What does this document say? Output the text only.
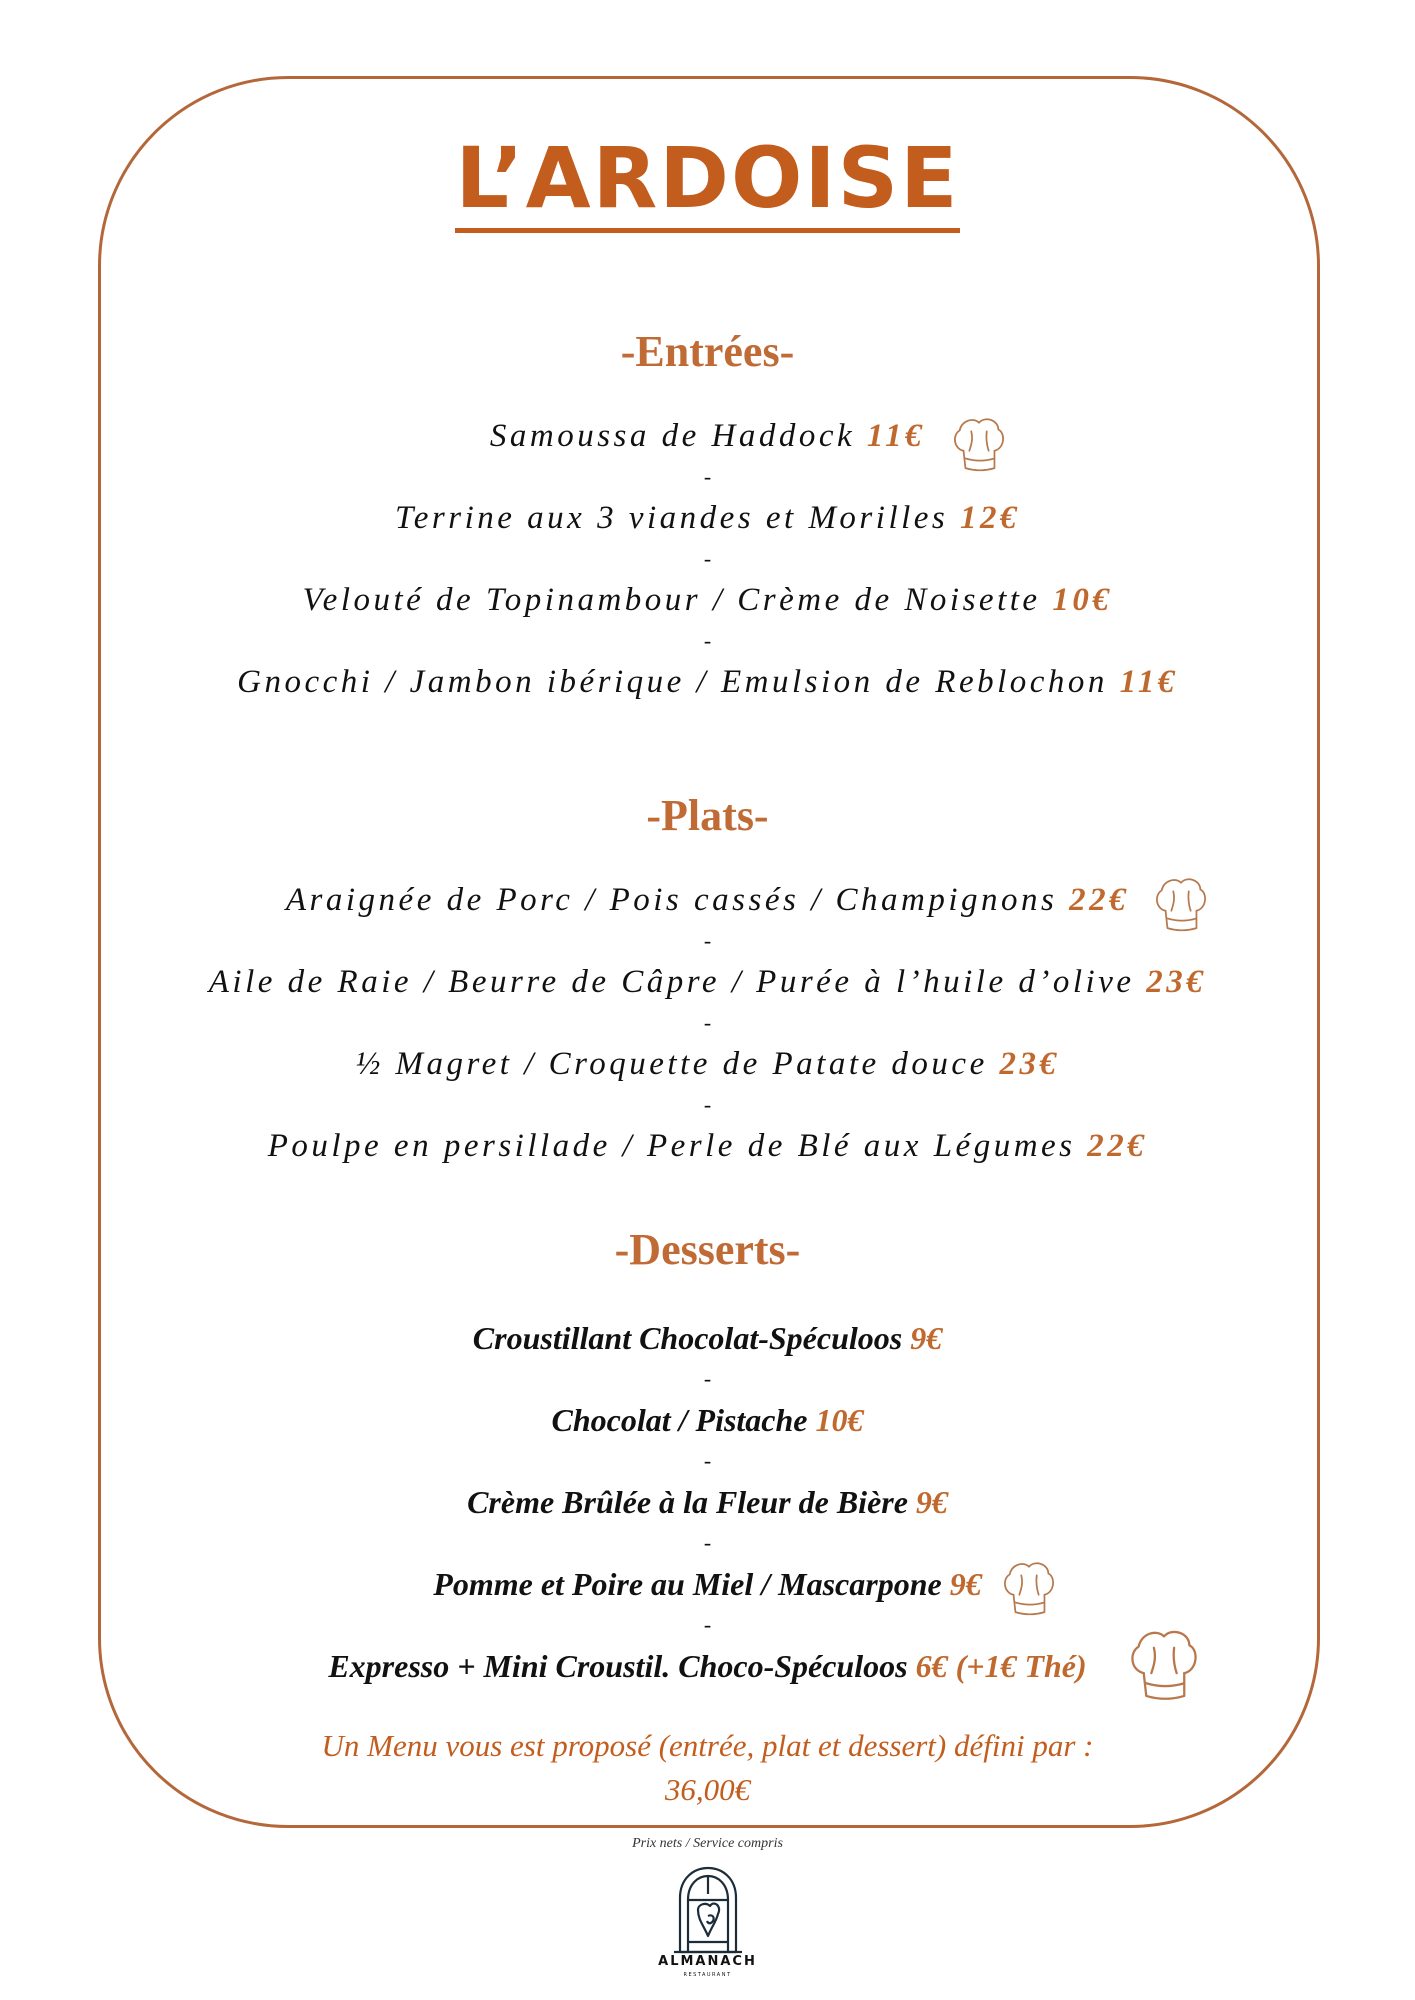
L’ARDOISE
-Entrées-
Samoussa de Haddock 11€
-
Terrine aux 3 viandes et Morilles 12€
-
Velouté de Topinambour / Crème de Noisette 10€
-
Gnocchi / Jambon ibérique / Emulsion de Reblochon 11€
-Plats-
Araignée de Porc / Pois cassés / Champignons 22€
-
Aile de Raie / Beurre de Câpre / Purée à l’huile d’olive 23€
-
½ Magret / Croquette de Patate douce 23€
-
Poulpe en persillade / Perle de Blé aux Légumes 22€
-Desserts-
Croustillant Chocolat-Spéculoos 9€
-
Chocolat / Pistache 10€
-
Crème Brûlée à la Fleur de Bière 9€
-
Pomme et Poire au Miel / Mascarpone 9€
-
Expresso + Mini Croustil. Choco-Spéculoos 6€ (+1€ Thé)
Un Menu vous est proposé (entrée, plat et dessert) défini par :
36,00€
Prix nets / Service compris
ALMANACH
RESTAURANT
